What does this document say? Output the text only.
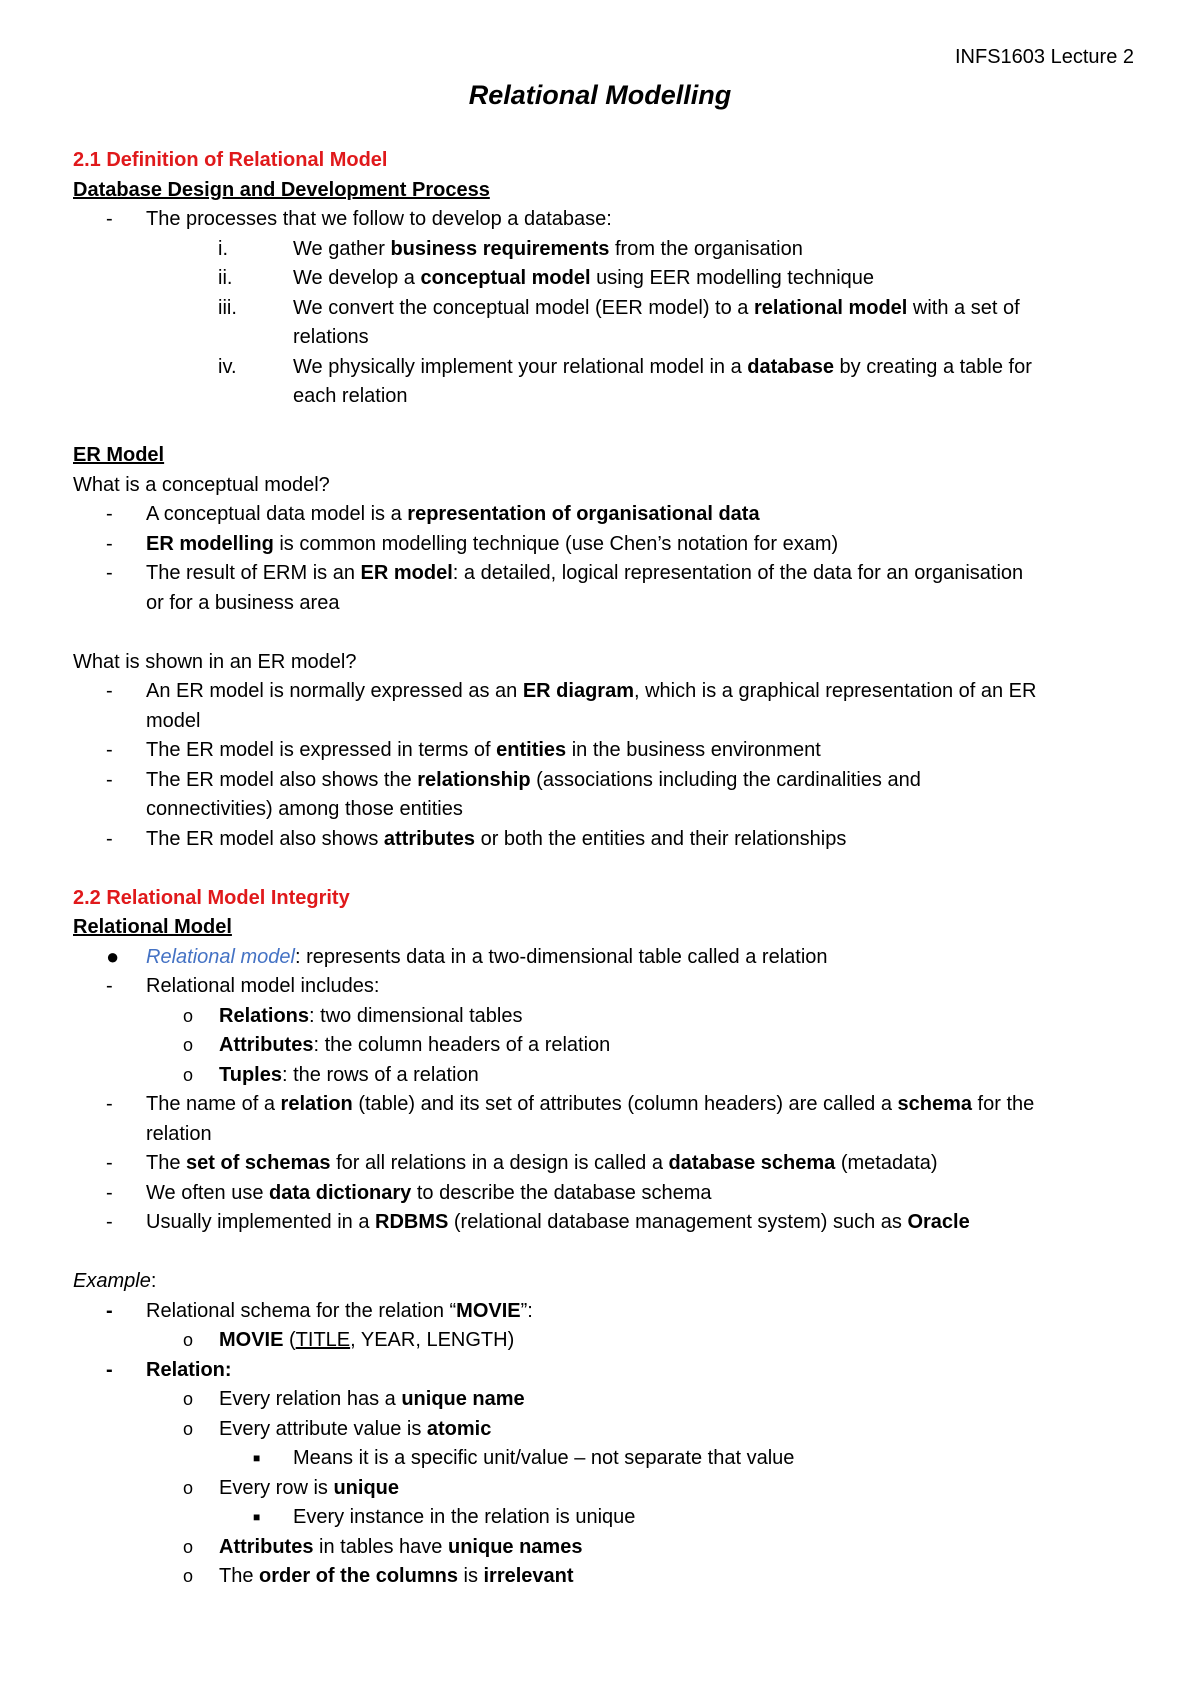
INFS1603 Lecture 2
Relational Modelling
2.1 Definition of Relational Model
Database Design and Development Process
- The processes that we follow to develop a database:
i.	We gather business requirements from the organisation
ii.	We develop a conceptual model using EER modelling technique
iii.	We convert the conceptual model (EER model) to a relational model with a set of
relations
iv.	We physically implement your relational model in a database by creating a table for
each relation
ER Model
What is a conceptual model?
- A conceptual data model is a representation of organisational data
- ER modelling is common modelling technique (use Chen’s notation for exam)
- The result of ERM is an ER model: a detailed, logical representation of the data for an organisation
or for a business area
What is shown in an ER model?
- An ER model is normally expressed as an ER diagram, which is a graphical representation of an ER
model
- The ER model is expressed in terms of entities in the business environment
- The ER model also shows the relationship (associations including the cardinalities and
connectivities) among those entities
- The ER model also shows attributes or both the entities and their relationships
2.2 Relational Model Integrity
Relational Model
● Relational model: represents data in a two-dimensional table called a relation
- Relational model includes:
o Relations: two dimensional tables
o Attributes: the column headers of a relation
o Tuples: the rows of a relation
- The name of a relation (table) and its set of attributes (column headers) are called a schema for the
relation
- The set of schemas for all relations in a design is called a database schema (metadata)
- We often use data dictionary to describe the database schema
- Usually implemented in a RDBMS (relational database management system) such as Oracle
Example:
- Relational schema for the relation “MOVIE”:
o MOVIE (TITLE, YEAR, LENGTH)
- Relation:
o Every relation has a unique name
o Every attribute value is atomic
■ Means it is a specific unit/value – not separate that value
o Every row is unique
■ Every instance in the relation is unique
o Attributes in tables have unique names
o The order of the columns is irrelevant
